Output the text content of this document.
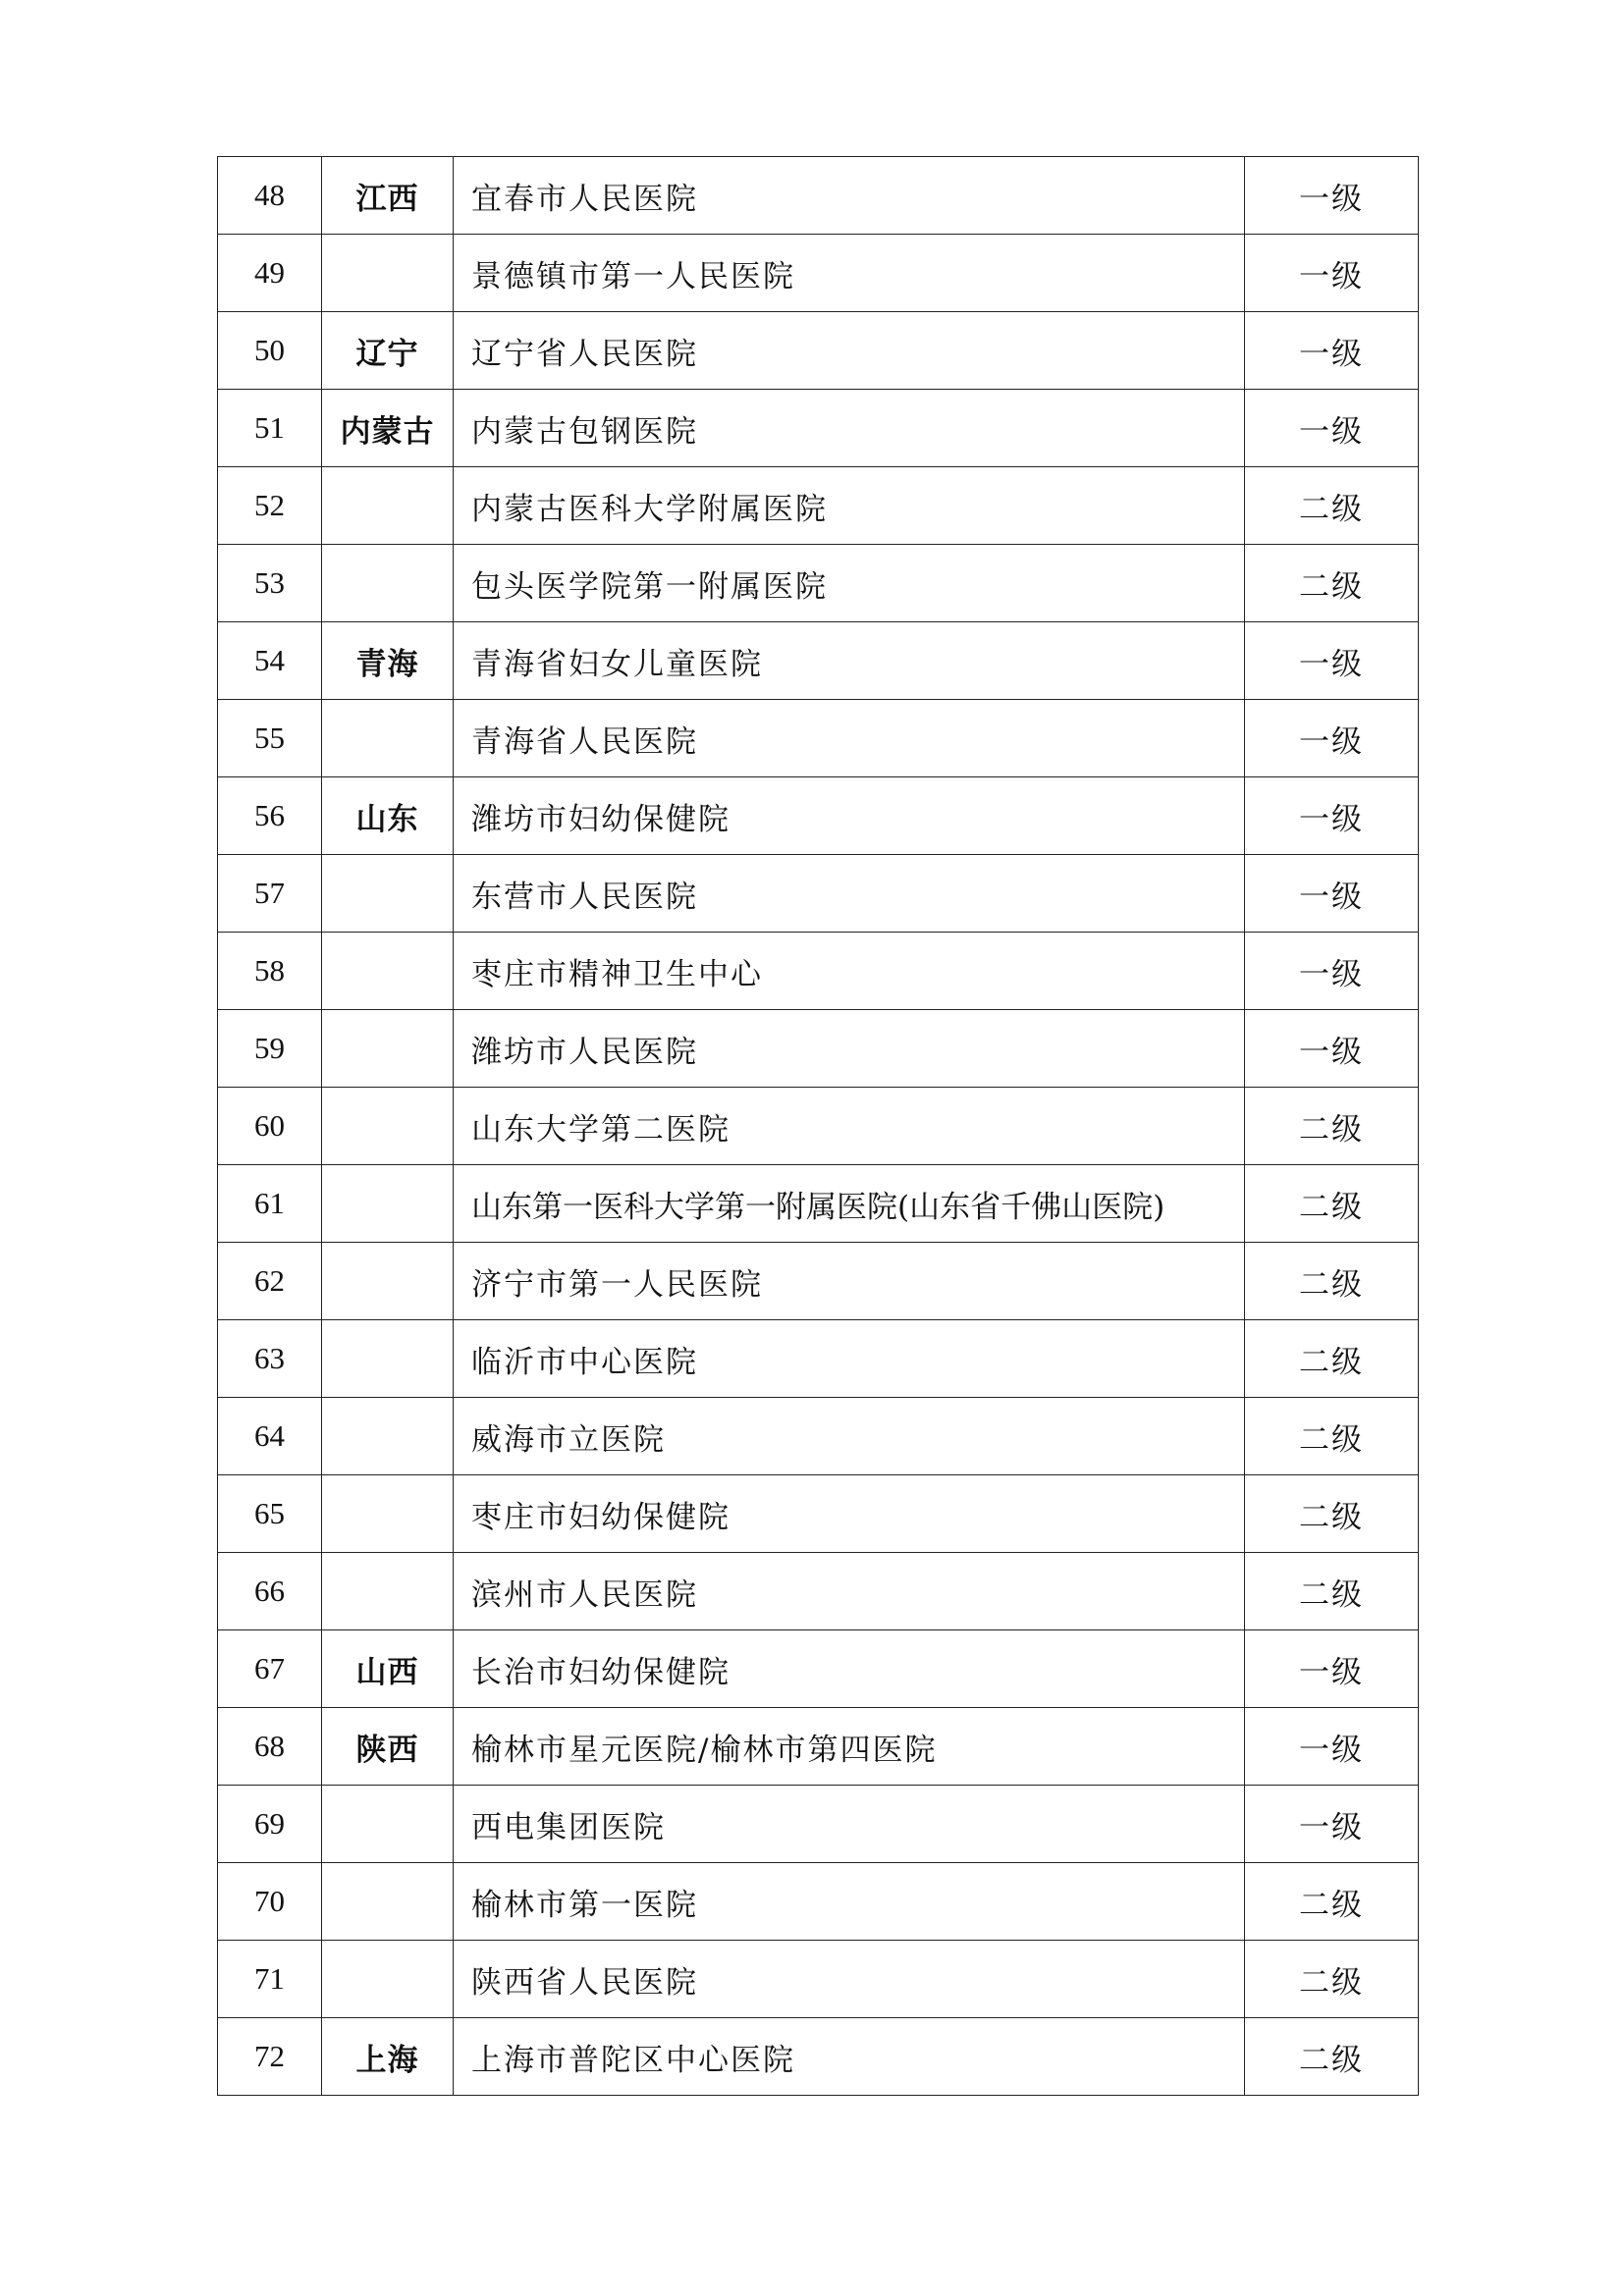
48	江西	宜春市人民医院	一级
49		景德镇市第一人民医院	一级
50	辽宁	辽宁省人民医院	一级
51	内蒙古	内蒙古包钢医院	一级
52		内蒙古医科大学附属医院	二级
53		包头医学院第一附属医院	二级
54	青海	青海省妇女儿童医院	一级
55		青海省人民医院	一级
56	山东	潍坊市妇幼保健院	一级
57		东营市人民医院	一级
58		枣庄市精神卫生中心	一级
59		潍坊市人民医院	一级
60		山东大学第二医院	二级
61		山东第一医科大学第一附属医院(山东省千佛山医院)	二级
62		济宁市第一人民医院	二级
63		临沂市中心医院	二级
64		威海市立医院	二级
65		枣庄市妇幼保健院	二级
66		滨州市人民医院	二级
67	山西	长治市妇幼保健院	一级
68	陕西	榆林市星元医院/榆林市第四医院	一级
69		西电集团医院	一级
70		榆林市第一医院	二级
71		陕西省人民医院	二级
72	上海	上海市普陀区中心医院	二级
